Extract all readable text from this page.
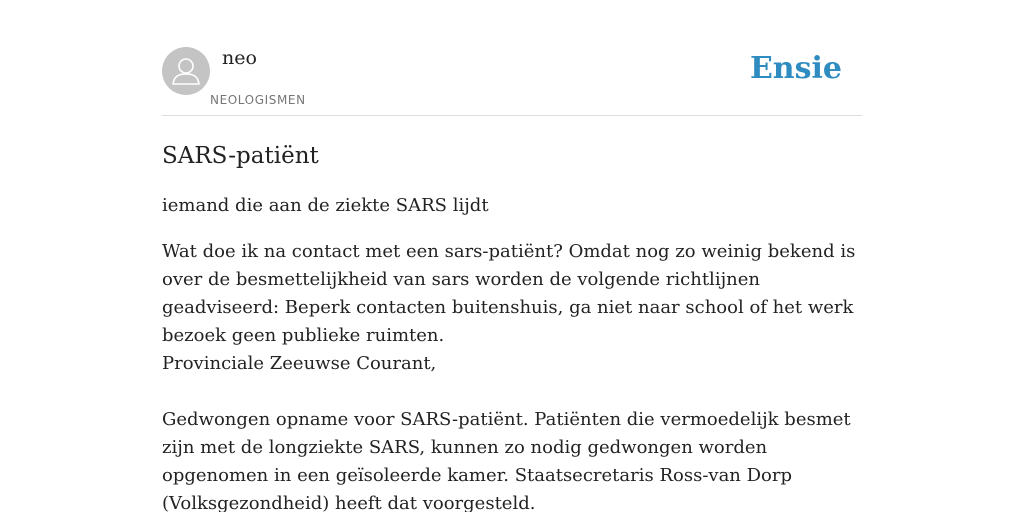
neo
NEOLOGISMEN
Ensie
SARS-patiënt
iemand die aan de ziekte SARS lijdt

Wat doe ik na contact met een sars-patiënt? Omdat nog zo weinig bekend is over de besmettelijkheid van sars worden de volgende richtlijnen geadviseerd: Beperk contacten buitenshuis, ga niet naar school of het werk bezoek geen publieke ruimten.

Provinciale Zeeuwse Courant,

Gedwongen opname voor SARS-patiënt. Patiënten die vermoedelijk besmet zijn met de longziekte SARS, kunnen zo nodig gedwongen worden opgenomen in een geïsoleerde kamer. Staatsecretaris Ross-van Dorp (Volksgezondheid) heeft dat voorgesteld.
